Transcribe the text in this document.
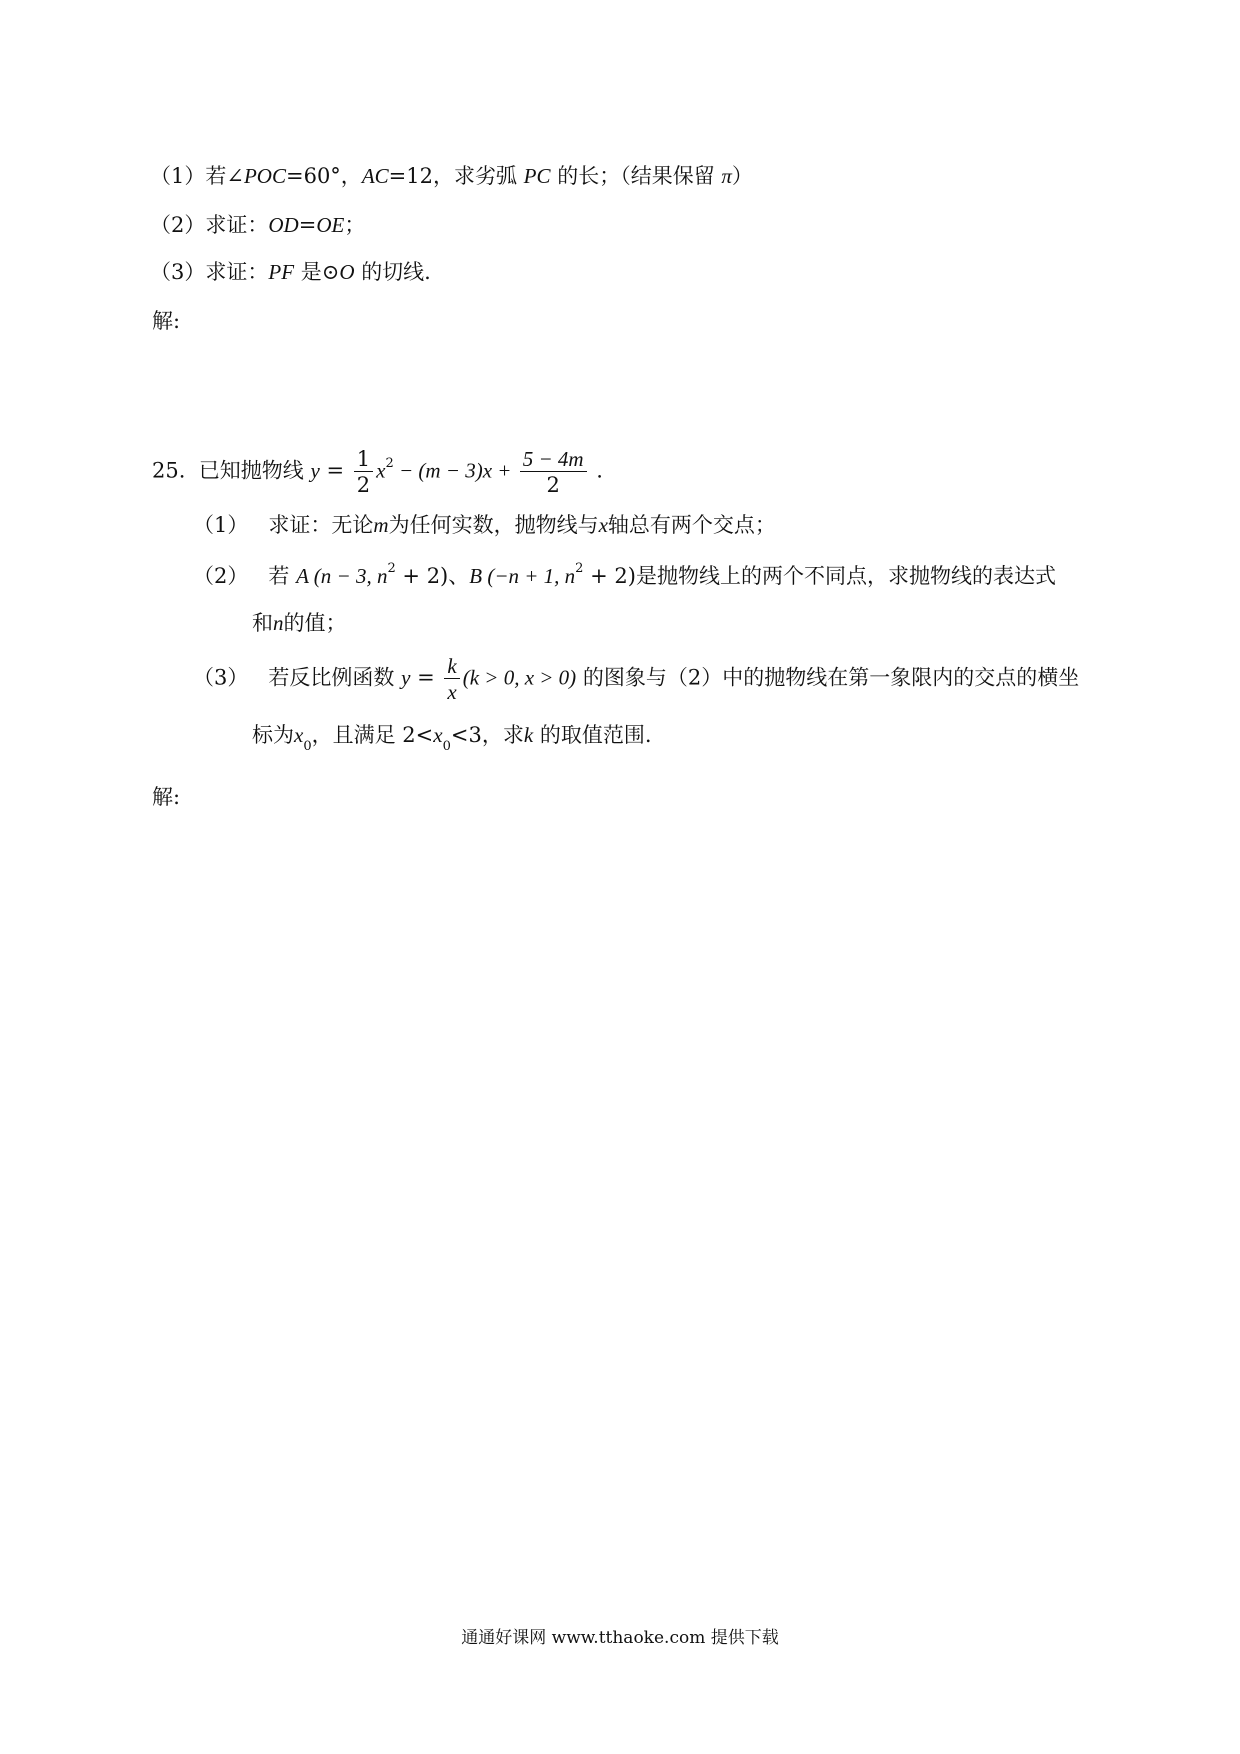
（1）若∠POC=60°，AC=12，求劣弧 PC 的长；（结果保留 π）
（2）求证：OD=OE；
（3）求证：PF 是⊙O 的切线.
解:
25. 已知抛物线 $y = \frac{1}{2} x^2 - (m - 3)x + \frac{5 - 4m}{2}$ .
（1） 求证：无论m为任何实数，抛物线与x轴总有两个交点；
（2） 若 A (n − 3, $n^2 + 2$)、B (−n + 1, $n^2 + 2$)是抛物线上的两个不同点，求抛物线的表达式
和n的值；
（3） 若反比例函数 $y = \frac{k}{x} (k > 0$, x > 0) 的图象与（2）中的抛物线在第一象限内的交点的横坐
标为$x_0$，且满足 $2<x_0<3$，求k 的取值范围.
解:
通通好课网 www.tthaoke.com 提供下载
